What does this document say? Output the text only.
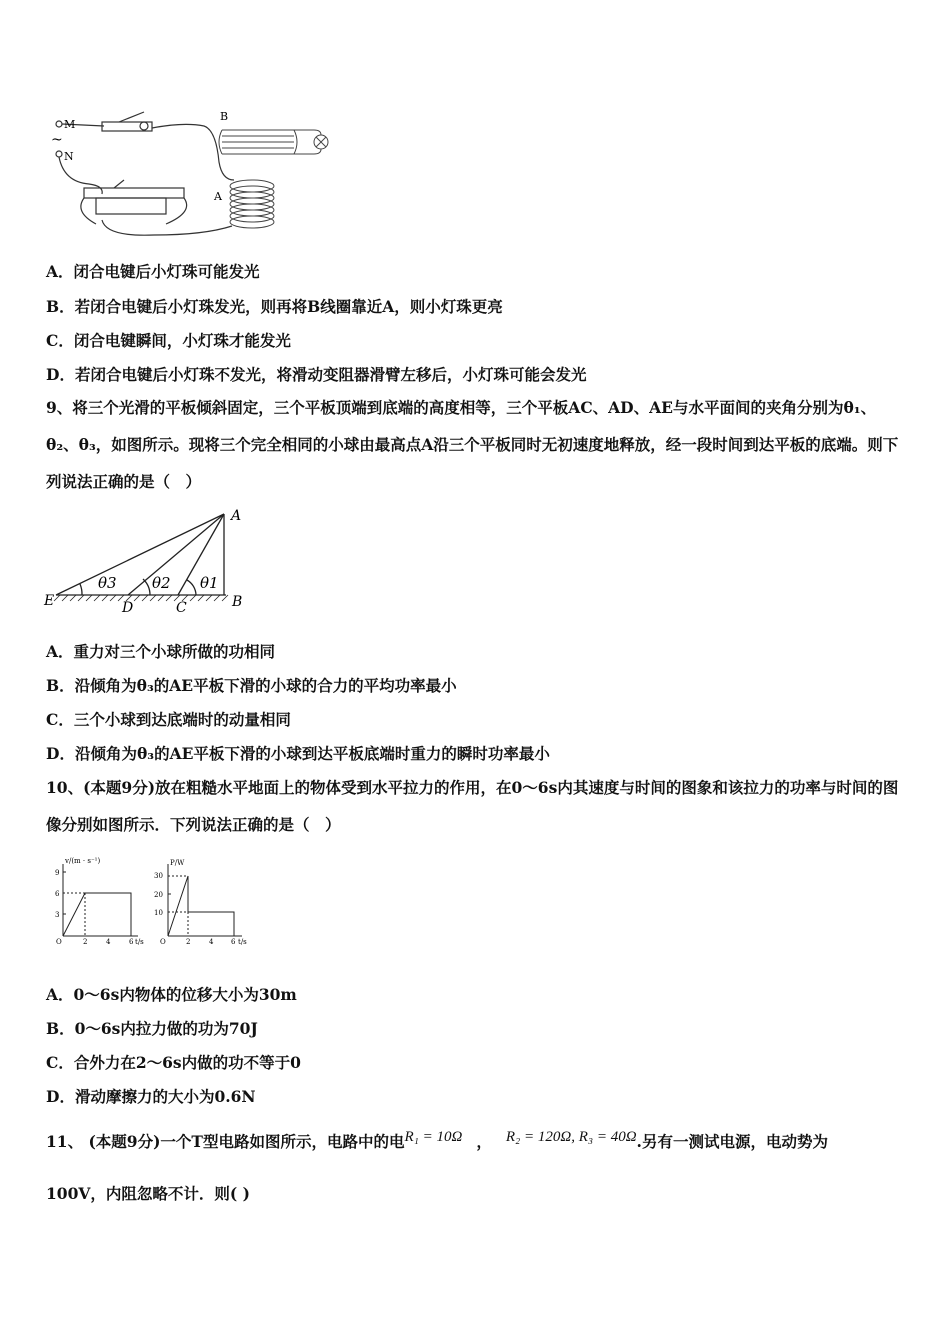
M
N
~
B
A
A．闭合电键后小灯珠可能发光
B．若闭合电键后小灯珠发光，则再将B线圈靠近A，则小灯珠更亮
C．闭合电键瞬间，小灯珠才能发光
D．若闭合电键后小灯珠不发光，将滑动变阻器滑臂左移后，小灯珠可能会发光
9、将三个光滑的平板倾斜固定，三个平板顶端到底端的高度相等，三个平板AC、AD、AE与水平面间的夹角分别为θ₁、θ₂、θ₃，如图所示。现将三个完全相同的小球由最高点A沿三个平板同时无初速度地释放，经一段时间到达平板的底端。则下列说法正确的是（　）
A
B
C
D
E
θ1
θ2
θ3
A．重力对三个小球所做的功相同
B．沿倾角为θ₃的AE平板下滑的小球的合力的平均功率最小
C．三个小球到达底端时的动量相同
D．沿倾角为θ₃的AE平板下滑的小球到达平板底端时重力的瞬时功率最小
10、(本题9分)放在粗糙水平地面上的物体受到水平拉力的作用，在0～6s内其速度与时间的图象和该拉力的功率与时间的图像分别如图所示．下列说法正确的是（　）
v/(m · s⁻¹)
t/s
9
6
3
2	4	6
O
P/W
t/s
30
20
10
2	4	6
O
A．0～6s内物体的位移大小为30m
B．0～6s内拉力做的功为70J
C．合外力在2～6s内做的功不等于0
D．滑动摩擦力的大小为0.6N
11、 (本题9分)一个T型电路如图所示，电路中的电R₁ = 10Ω ， R₂ = 120Ω, R₃ = 40Ω.另有一测试电源，电动势为
100V，内阻忽略不计．则( )
